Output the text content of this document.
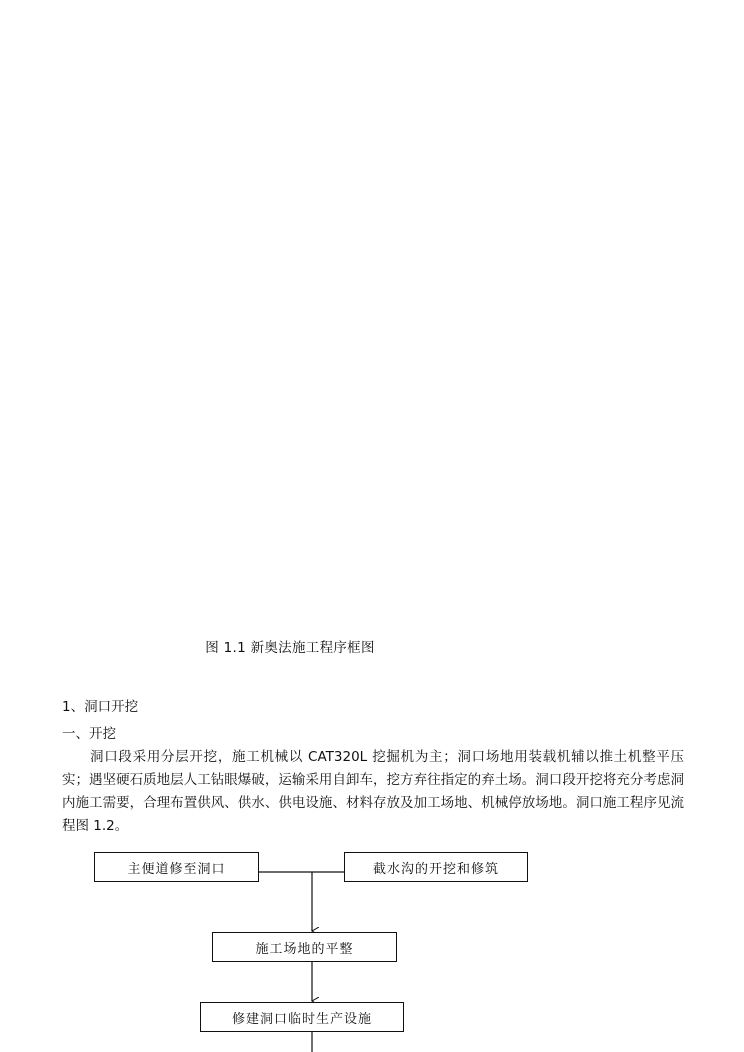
图 1.1 新奥法施工程序框图
1、洞口开挖
一、开挖

洞口段采用分层开挖，施工机械以 CAT320L 挖掘机为主；洞口场地用装载机辅以推土机整平压实；遇坚硬石质地层人工钻眼爆破，运输采用自卸车，挖方弃往指定的弃土场。洞口段开挖将充分考虑洞内施工需要，合理布置供风、供水、供电设施、材料存放及加工场地、机械停放场地。洞口施工程序见流程图 1.2。

主便道修至洞口	截水沟的开挖和修筑
施工场地的平整
修建洞口临时生产设施
